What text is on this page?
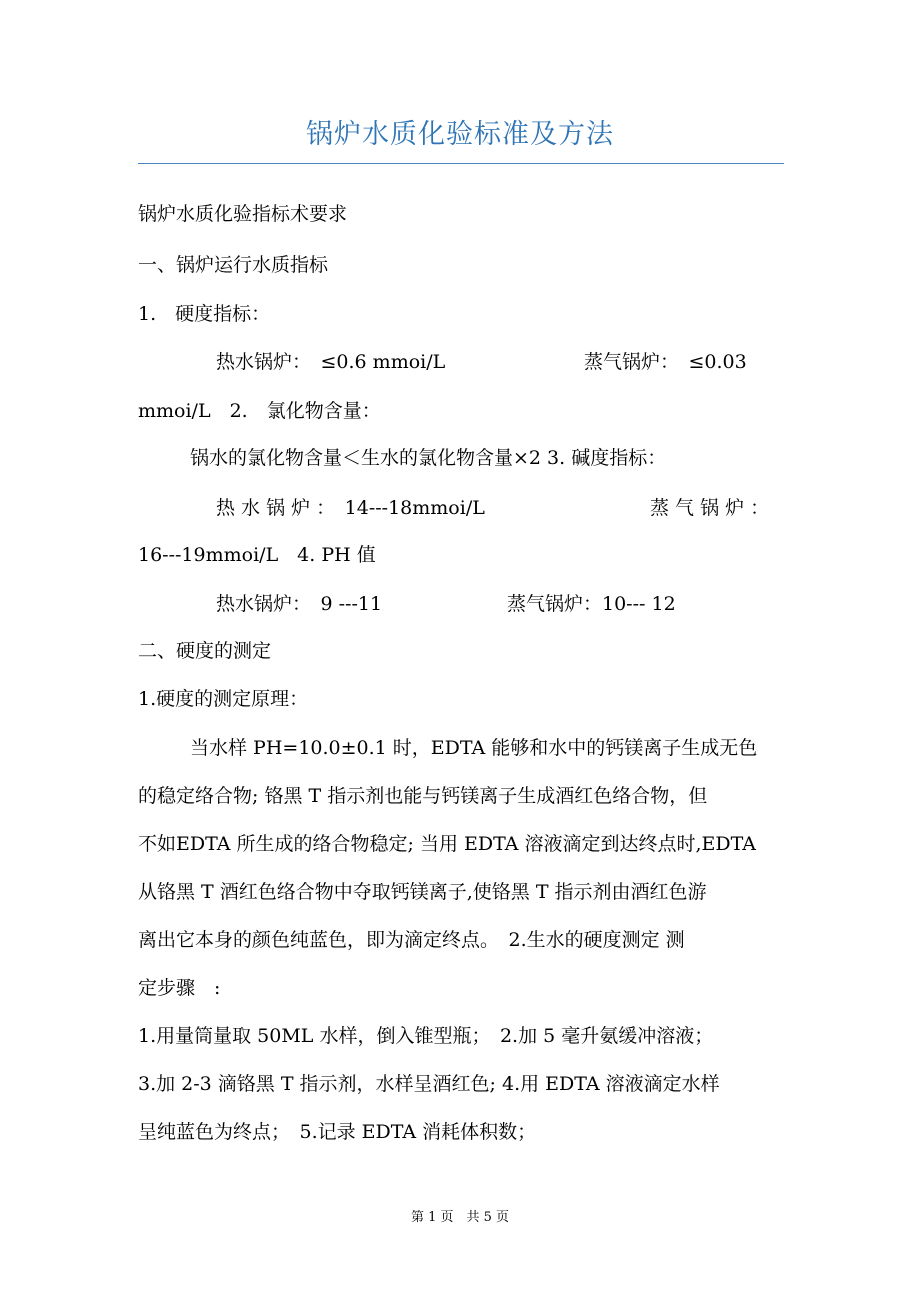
锅炉水质化验标准及方法
锅炉水质化验指标术要求
一、锅炉运行水质指标
1.　硬度指标：
热水锅炉：　≤0.6 mmoi/L	蒸气锅炉：　≤0.03
mmoi/L　2.　氯化物含量：
锅水的氯化物含量＜生水的氯化物含量×2 3. 碱度指标：
热 水 锅 炉 ：　14---18mmoi/L	蒸 气 锅 炉 ：
16---19mmoi/L　4. PH 值
热水锅炉：　9 ---11	蒸气锅炉：10--- 12
二、硬度的测定
1.硬度的测定原理：
当水样 PH=10.0±0.1 时，EDTA 能够和水中的钙镁离子生成无色
的稳定络合物; 铬黑 T 指示剂也能与钙镁离子生成酒红色络合物，但
不如EDTA 所生成的络合物稳定; 当用 EDTA 溶液滴定到达终点时,EDTA
从铬黑 T 酒红色络合物中夺取钙镁离子,使铬黑 T 指示剂由酒红色游
离出它本身的颜色纯蓝色，即为滴定终点。　2.生水的硬度测定 测
定步骤　:
1.用量筒量取 50ML 水样，倒入锥型瓶；　2.加 5 毫升氨缓冲溶液；
3.加 2-3 滴铬黑 T 指示剂，水样呈酒红色; 4.用 EDTA 溶液滴定水样
呈纯蓝色为终点；　5.记录 EDTA 消耗体积数；
第 1 页　共 5 页
